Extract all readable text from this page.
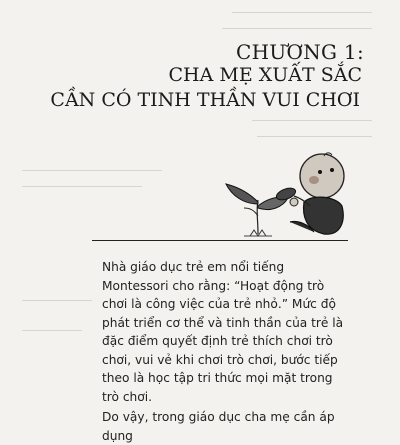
CHƯƠNG 1:
CHA MẸ XUẤT SẮC
CẦN CÓ TINH THẦN VUI CHƠI

Nhà giáo dục trẻ em nổi tiếng Montessori cho rằng: “Hoạt động trò chơi là công việc của trẻ nhỏ.” Mức độ phát triển cơ thể và tinh thần của trẻ là đặc điểm quyết định trẻ thích chơi trò chơi, vui vẻ khi chơi trò chơi, bước tiếp theo là học tập tri thức mọi mặt trong trò chơi.

Do vậy, trong giáo dục cha mẹ cần áp dụng
